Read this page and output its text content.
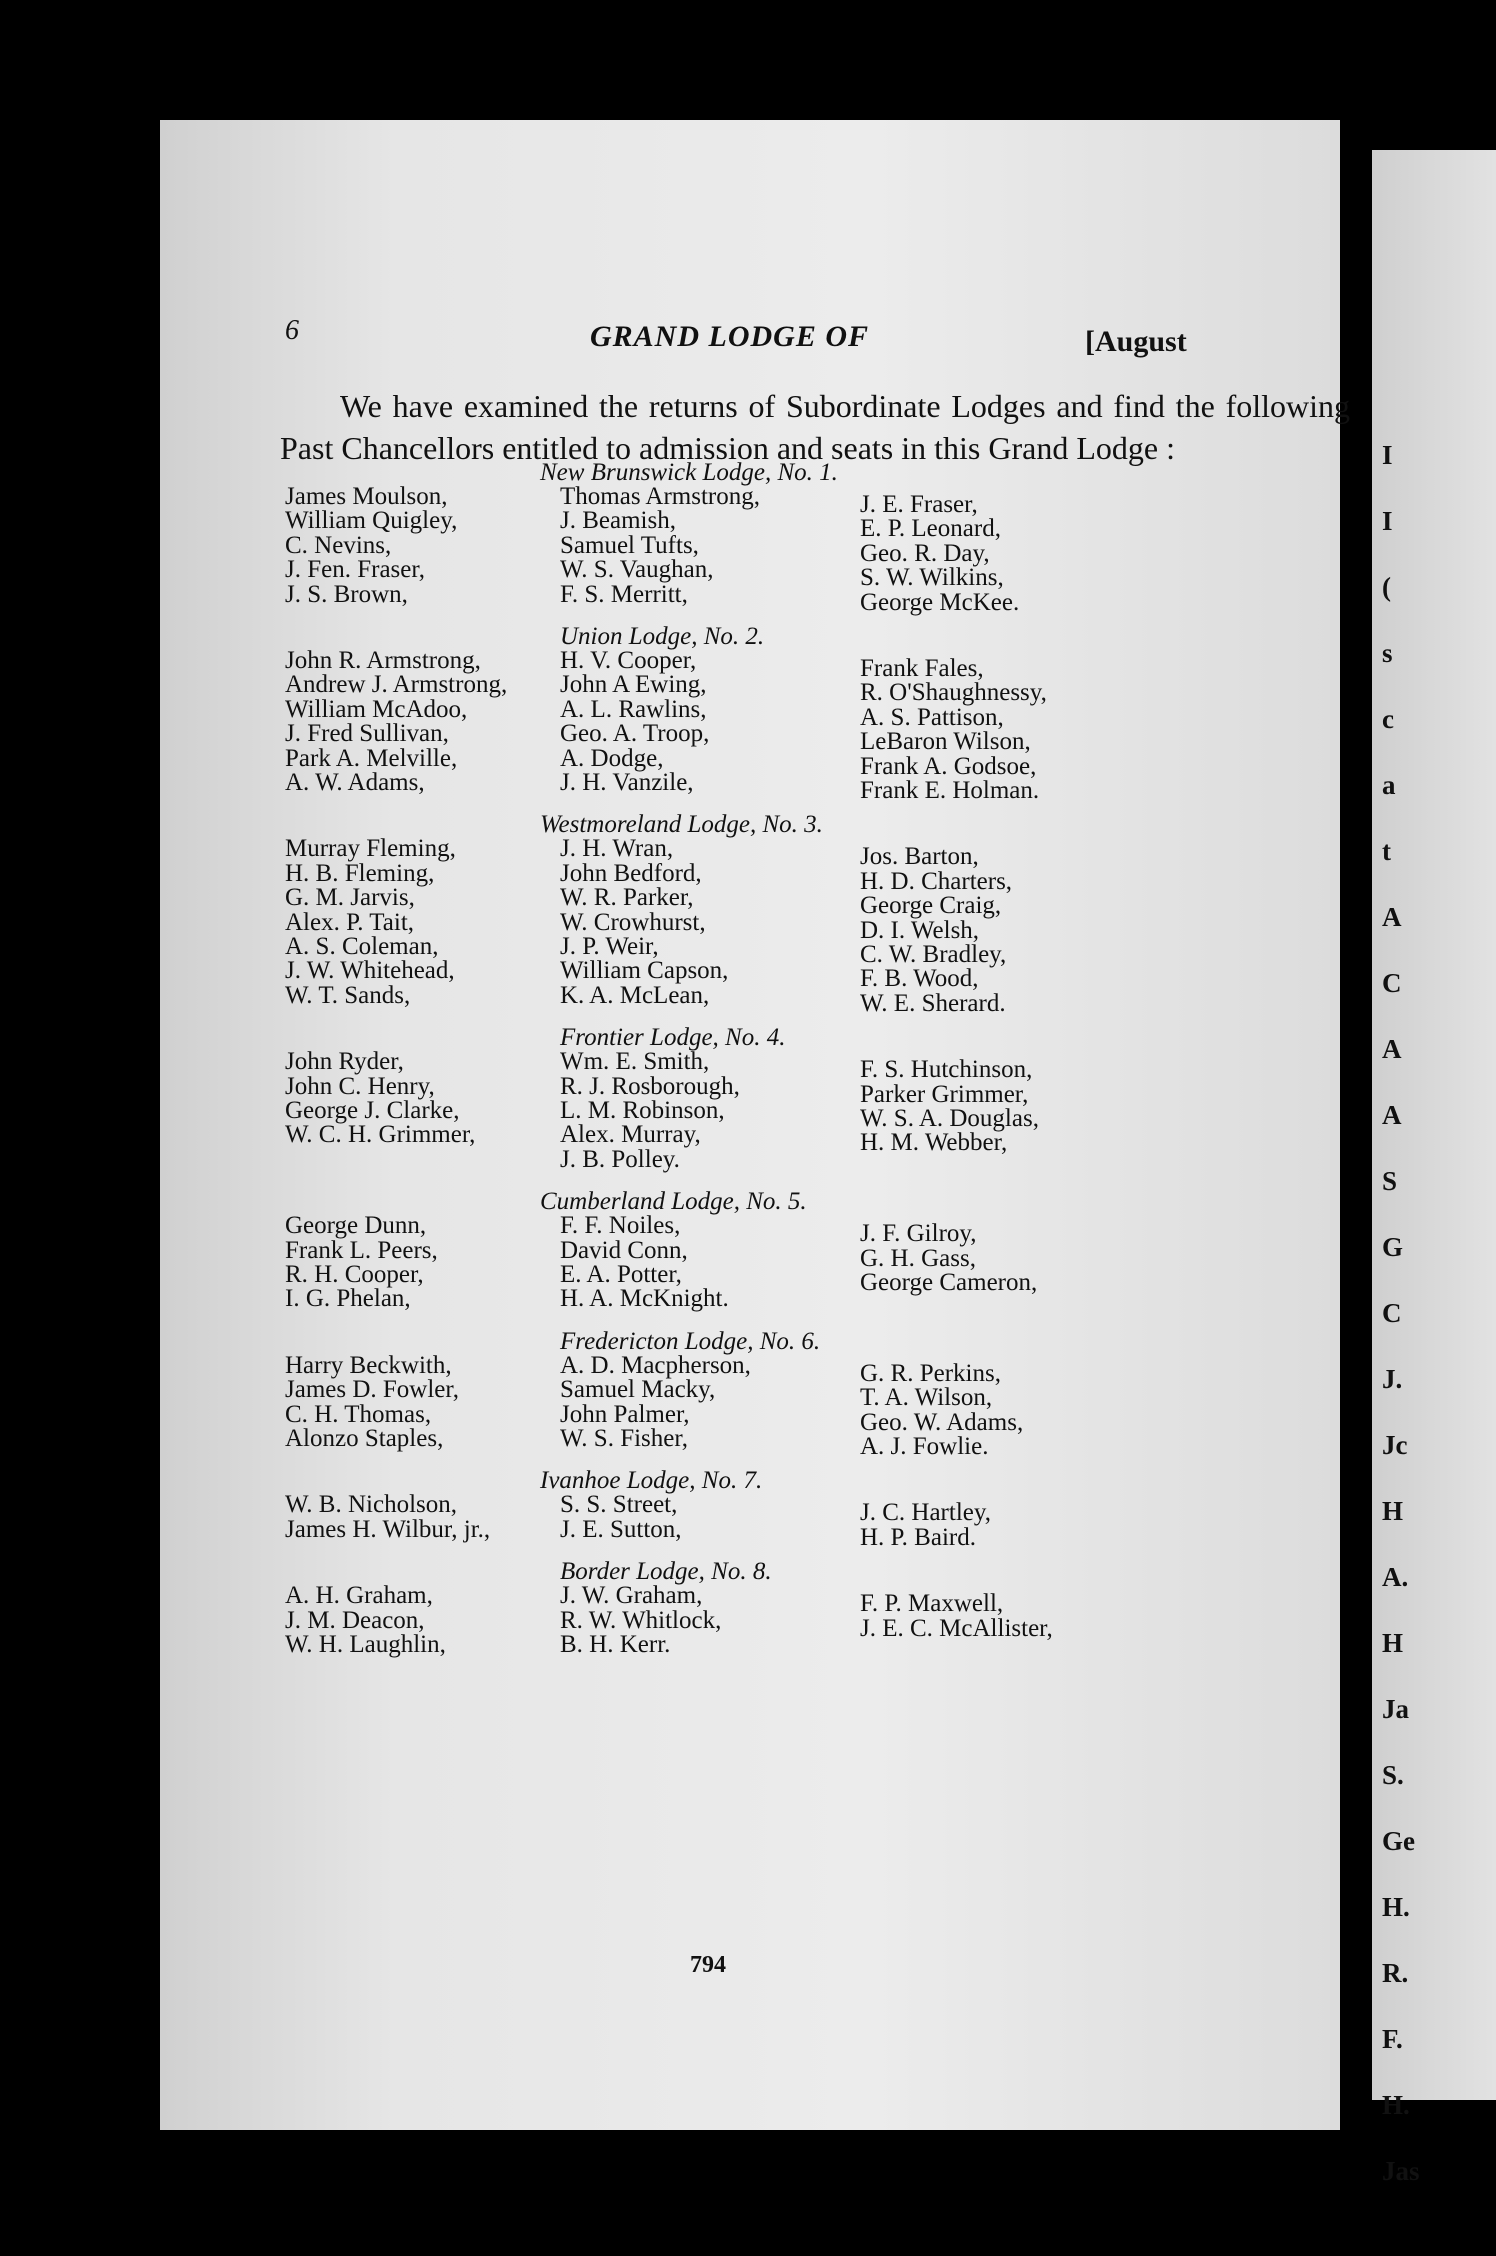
6	GRAND LODGE OF	[August

We have examined the returns of Subordinate Lodges and find the following Past Chancellors entitled to admission and seats in this Grand Lodge :

New Brunswick Lodge, No. 1.
James Moulson,
William Quigley,
C. Nevins,
J. Fen. Fraser,
J. S. Brown,
Thomas Armstrong,
J. Beamish,
Samuel Tufts,
W. S. Vaughan,
F. S. Merritt,
J. E. Fraser,
E. P. Leonard,
Geo. R. Day,
S. W. Wilkins,
George McKee.
Union Lodge, No. 2.
John R. Armstrong,
Andrew J. Armstrong,
William McAdoo,
J. Fred Sullivan,
Park A. Melville,
A. W. Adams,
H. V. Cooper,
John A Ewing,
A. L. Rawlins,
Geo. A. Troop,
A. Dodge,
J. H. Vanzile,
Frank Fales,
R. O'Shaughnessy,
A. S. Pattison,
LeBaron Wilson,
Frank A. Godsoe,
Frank E. Holman.
Westmoreland Lodge, No. 3.
Murray Fleming,
H. B. Fleming,
G. M. Jarvis,
Alex. P. Tait,
A. S. Coleman,
J. W. Whitehead,
W. T. Sands,
J. H. Wran,
John Bedford,
W. R. Parker,
W. Crowhurst,
J. P. Weir,
William Capson,
K. A. McLean,
Jos. Barton,
H. D. Charters,
George Craig,
D. I. Welsh,
C. W. Bradley,
F. B. Wood,
W. E. Sherard.
Frontier Lodge, No. 4.
John Ryder,
John C. Henry,
George J. Clarke,
W. C. H. Grimmer,
Wm. E. Smith,
R. J. Rosborough,
L. M. Robinson,
Alex. Murray,
J. B. Polley.
F. S. Hutchinson,
Parker Grimmer,
W. S. A. Douglas,
H. M. Webber,
Cumberland Lodge, No. 5.
George Dunn,
Frank L. Peers,
R. H. Cooper,
I. G. Phelan,
F. F. Noiles,
David Conn,
E. A. Potter,
H. A. McKnight.
J. F. Gilroy,
G. H. Gass,
George Cameron,
Fredericton Lodge, No. 6.
Harry Beckwith,
James D. Fowler,
C. H. Thomas,
Alonzo Staples,
A. D. Macpherson,
Samuel Macky,
John Palmer,
W. S. Fisher,
G. R. Perkins,
T. A. Wilson,
Geo. W. Adams,
A. J. Fowlie.
Ivanhoe Lodge, No. 7.
W. B. Nicholson,
James H. Wilbur, jr.,
S. S. Street,
J. E. Sutton,
J. C. Hartley,
H. P. Baird.
Border Lodge, No. 8.
A. H. Graham,
J. M. Deacon,
W. H. Laughlin,
J. W. Graham,
R. W. Whitlock,
B. H. Kerr.
F. P. Maxwell,
J. E. C. McAllister,
794
I
I
(
s
c
a
t
A
C
A
A
S
G
C
J.
Jc
H
A.
H
Ja
S.
Ge
H.
R.
F.
H.
Jas
